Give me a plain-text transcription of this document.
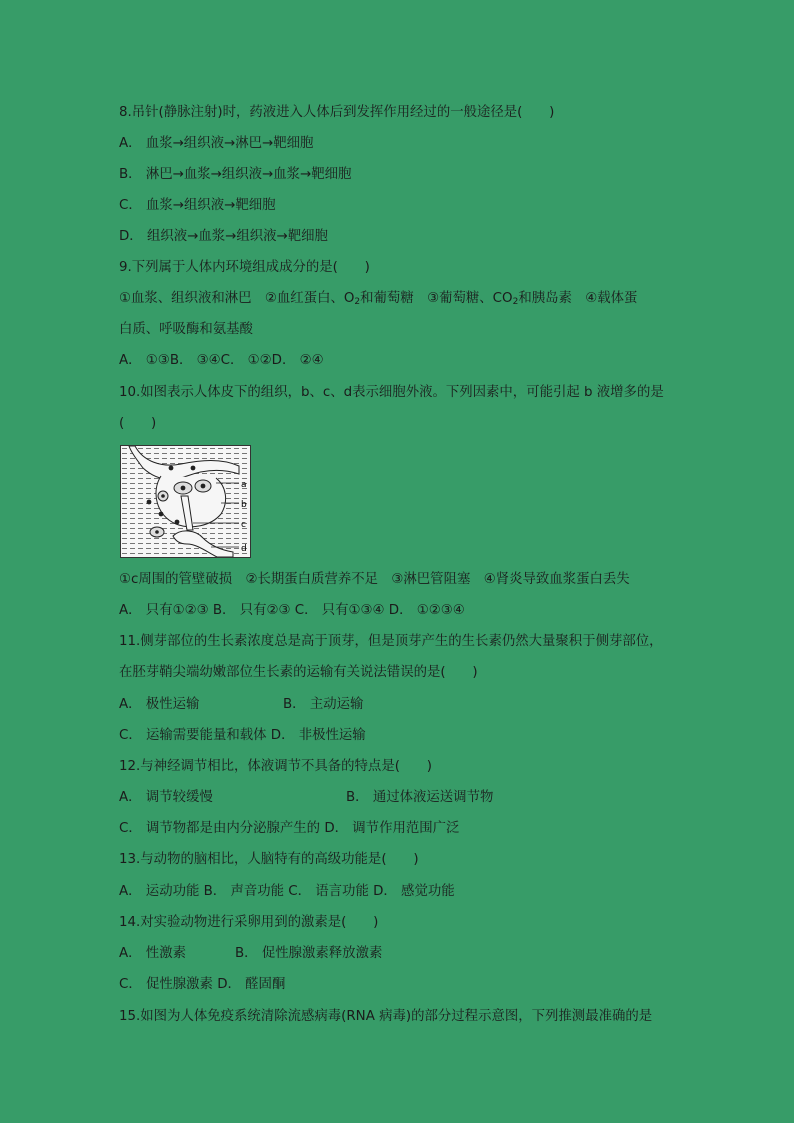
8.吊针(静脉注射)时，药液进入人体后到发挥作用经过的一般途径是(　　)
A． 血浆→组织液→淋巴→靶细胞
B． 淋巴→血浆→组织液→血浆→靶细胞
C． 血浆→组织液→靶细胞
D． 组织液→血浆→组织液→靶细胞
9.下列属于人体内环境组成成分的是(　　)
①血浆、组织液和淋巴　②血红蛋白、$O_2$和葡萄糖　③葡萄糖、$CO_2$和胰岛素　④载体蛋
白质、呼吸酶和氨基酸
A． ①③B． ③④C． ①②D． ②④
10.如图表示人体皮下的组织，b、c、d表示细胞外液。下列因素中，可能引起 b 液增多的是
(　　)
a
b
c
d
①c周围的管壁破损　②长期蛋白质营养不足　③淋巴管阻塞　④肾炎导致血浆蛋白丢失
A． 只有①②③ B． 只有②③ C． 只有①③④ D． ①②③④
11.侧芽部位的生长素浓度总是高于顶芽，但是顶芽产生的生长素仍然大量聚积于侧芽部位，
在胚芽鞘尖端幼嫩部位生长素的运输有关说法错误的是(　　)
A． 极性运输	B． 主动运输
C． 运输需要能量和载体 D． 非极性运输
12.与神经调节相比，体液调节不具备的特点是(　　)
A． 调节较缓慢	B． 通过体液运送调节物
C． 调节物都是由内分泌腺产生的 D． 调节作用范围广泛
13.与动物的脑相比，人脑特有的高级功能是(　　)
A． 运动功能 B． 声音功能 C． 语言功能 D． 感觉功能
14.对实验动物进行采卵用到的激素是(　　)
A． 性激素	B． 促性腺激素释放激素
C． 促性腺激素 D． 醛固酮
15.如图为人体免疫系统清除流感病毒(RNA 病毒)的部分过程示意图，下列推测最准确的是
